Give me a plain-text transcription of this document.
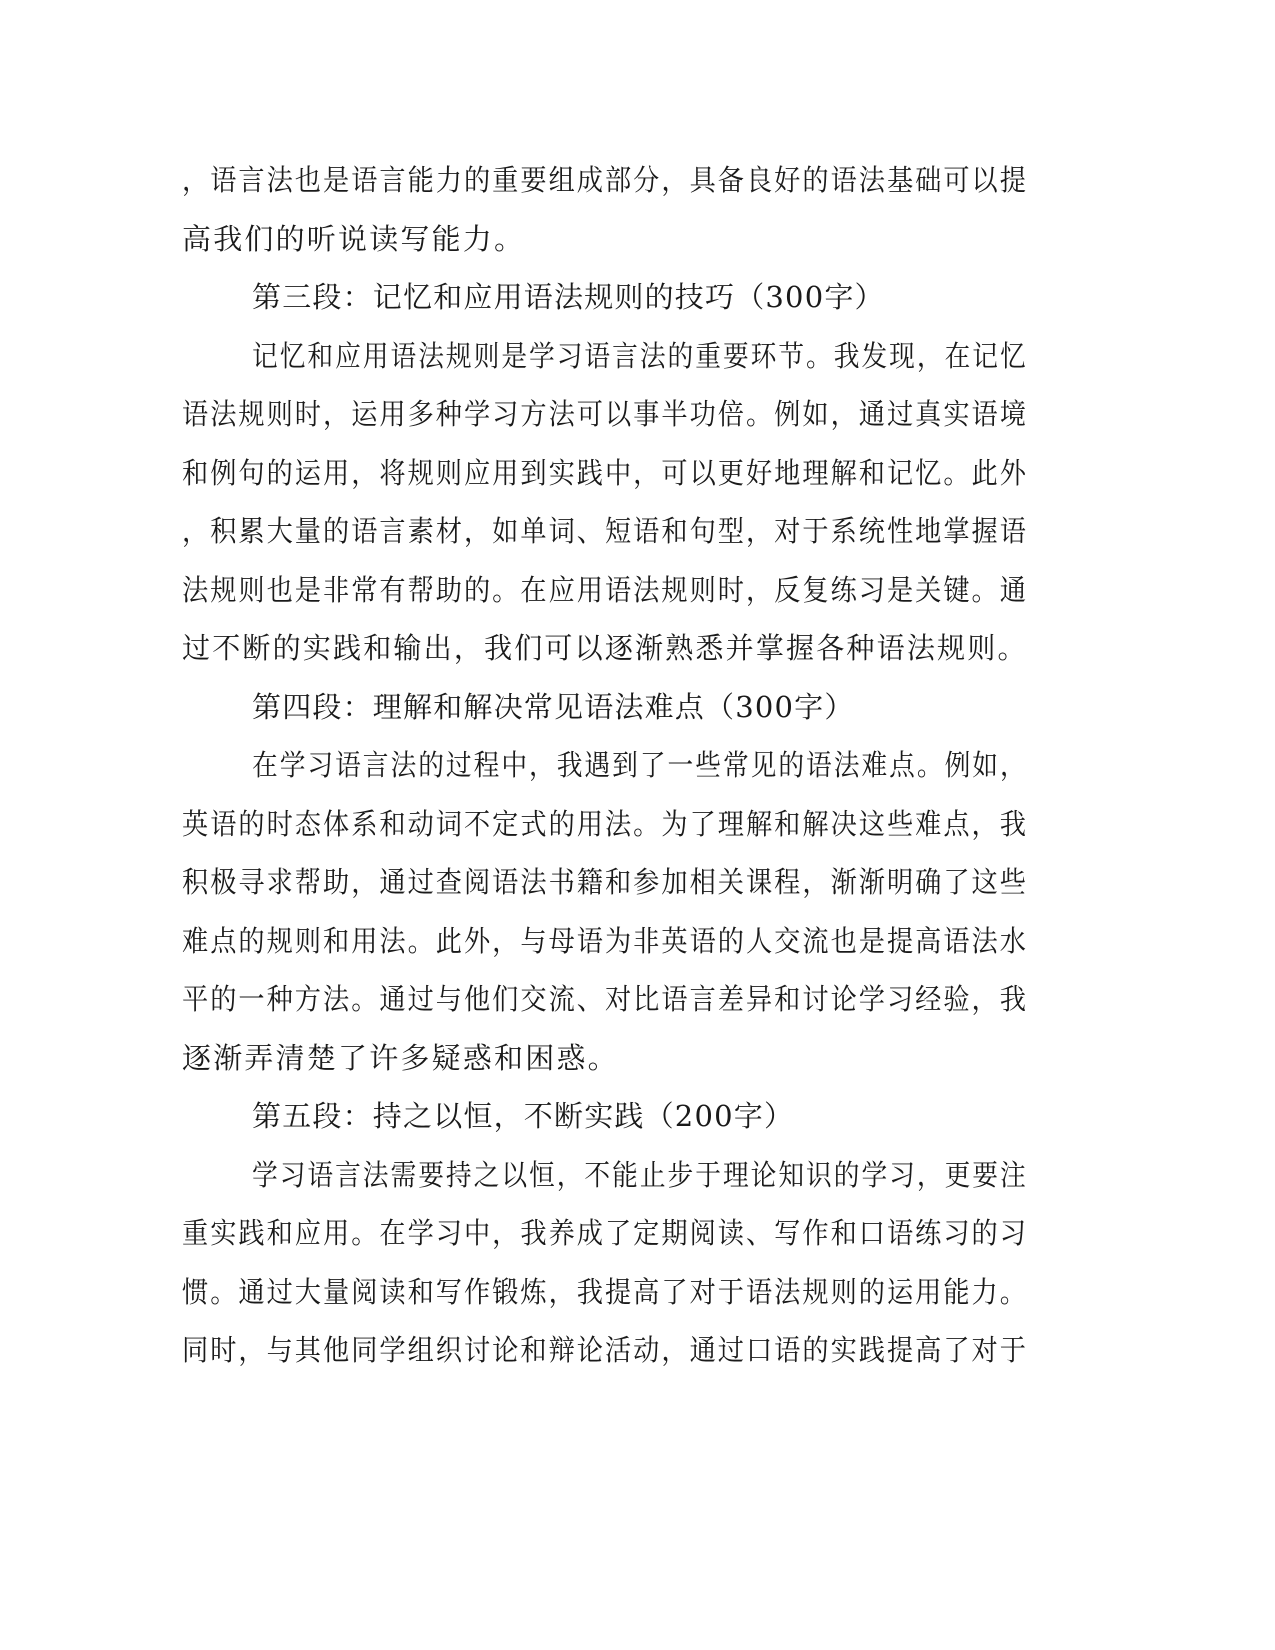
，语言法也是语言能力的重要组成部分，具备良好的语法基础可以提
高我们的听说读写能力。
第三段：记忆和应用语法规则的技巧（300字）
记忆和应用语法规则是学习语言法的重要环节。我发现，在记忆
语法规则时，运用多种学习方法可以事半功倍。例如，通过真实语境
和例句的运用，将规则应用到实践中，可以更好地理解和记忆。此外
，积累大量的语言素材，如单词、短语和句型，对于系统性地掌握语
法规则也是非常有帮助的。在应用语法规则时，反复练习是关键。通
过不断的实践和输出，我们可以逐渐熟悉并掌握各种语法规则。
第四段：理解和解决常见语法难点（300字）
在学习语言法的过程中，我遇到了一些常见的语法难点。例如，
英语的时态体系和动词不定式的用法。为了理解和解决这些难点，我
积极寻求帮助，通过查阅语法书籍和参加相关课程，渐渐明确了这些
难点的规则和用法。此外，与母语为非英语的人交流也是提高语法水
平的一种方法。通过与他们交流、对比语言差异和讨论学习经验，我
逐渐弄清楚了许多疑惑和困惑。
第五段：持之以恒，不断实践（200字）
学习语言法需要持之以恒，不能止步于理论知识的学习，更要注
重实践和应用。在学习中，我养成了定期阅读、写作和口语练习的习
惯。通过大量阅读和写作锻炼，我提高了对于语法规则的运用能力。
同时，与其他同学组织讨论和辩论活动，通过口语的实践提高了对于
